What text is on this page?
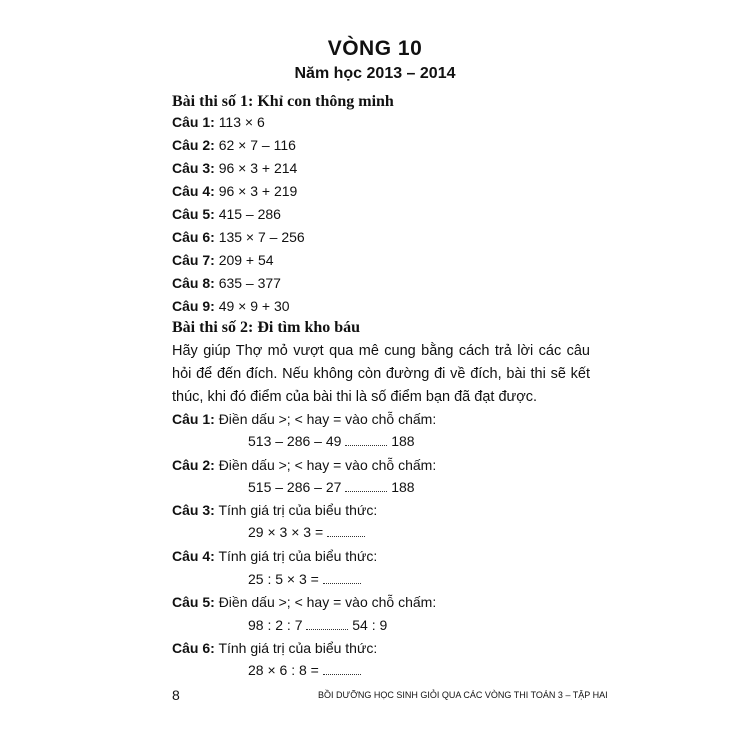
VÒNG 10
Năm học 2013 – 2014
Bài thi số 1: Khỉ con thông minh
Câu 1: 113 × 6
Câu 2: 62 × 7 – 116
Câu 3: 96 × 3 + 214
Câu 4: 96 × 3 + 219
Câu 5: 415 – 286
Câu 6: 135 × 7 – 256
Câu 7: 209 + 54
Câu 8: 635 – 377
Câu 9: 49 × 9 + 30
Bài thi số 2: Đi tìm kho báu
Hãy giúp Thợ mỏ vượt qua mê cung bằng cách trả lời các câu hỏi để đến đích. Nếu không còn đường đi về đích, bài thi sẽ kết thúc, khi đó điểm của bài thi là số điểm bạn đã đạt được.
Câu 1: Điền dấu >; < hay = vào chỗ chấm:
513 – 286 – 49	188
Câu 2: Điền dấu >; < hay = vào chỗ chấm:
515 – 286 – 27	188
Câu 3: Tính giá trị của biểu thức:
29 × 3 × 3 =
Câu 4: Tính giá trị của biểu thức:
25 : 5 × 3 =
Câu 5: Điền dấu >; < hay = vào chỗ chấm:
98 : 2 : 7	54 : 9
Câu 6: Tính giá trị của biểu thức:
28 × 6 : 8 =
8	BỒI DƯỠNG HỌC SINH GIỎI QUA CÁC VÒNG THI TOÁN 3 – TẬP HAI
